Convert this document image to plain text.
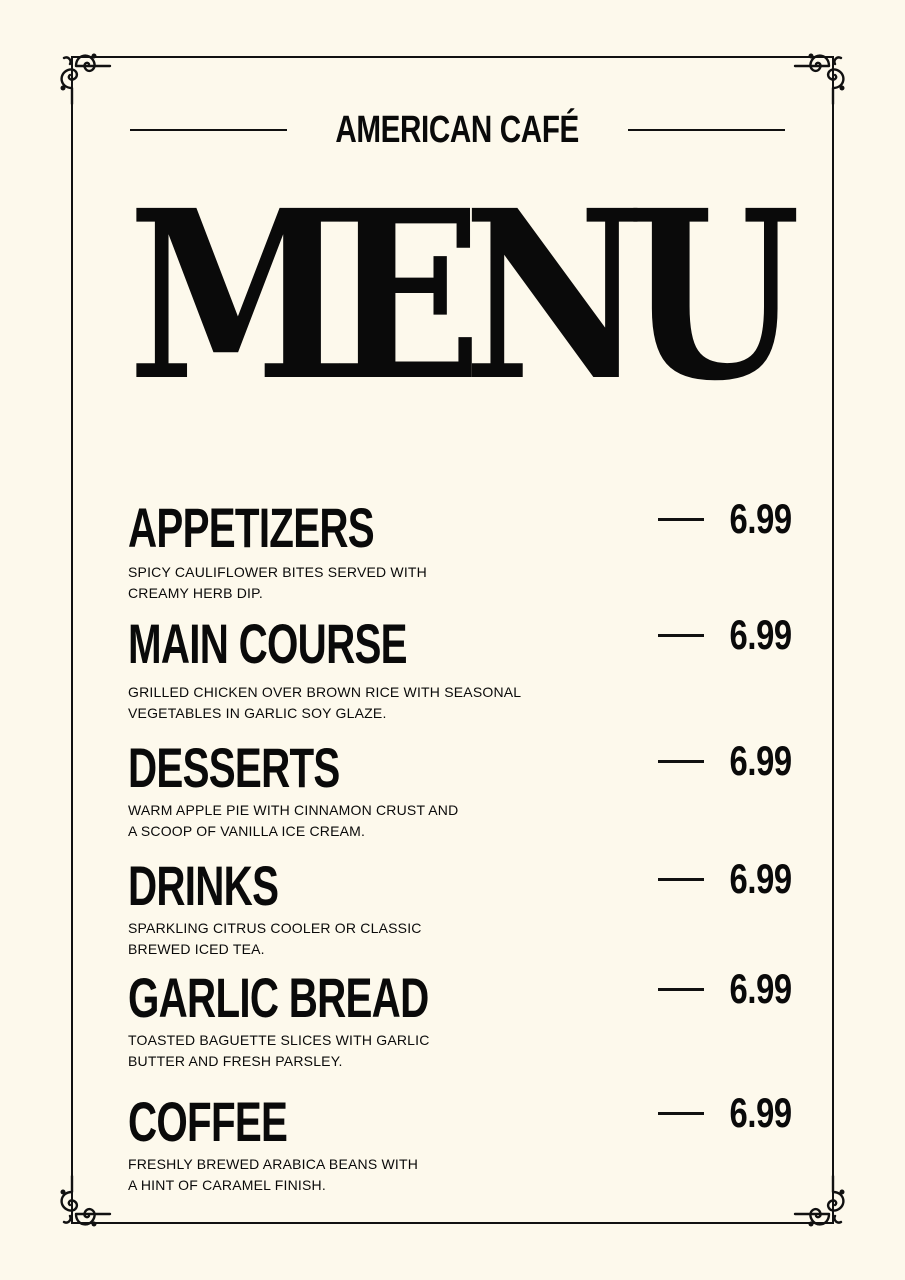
AMERICAN CAFÉ
MENU
APPETIZERS	6.99
SPICY CAULIFLOWER BITES SERVED WITH
CREAMY HERB DIP.
MAIN COURSE	6.99
GRILLED CHICKEN OVER BROWN RICE WITH SEASONAL
VEGETABLES IN GARLIC SOY GLAZE.
DESSERTS	6.99
WARM APPLE PIE WITH CINNAMON CRUST AND
A SCOOP OF VANILLA ICE CREAM.
DRINKS	6.99
SPARKLING CITRUS COOLER OR CLASSIC
BREWED ICED TEA.
GARLIC BREAD	6.99
TOASTED BAGUETTE SLICES WITH GARLIC
BUTTER AND FRESH PARSLEY.
COFFEE	6.99
FRESHLY BREWED ARABICA BEANS WITH
A HINT OF CARAMEL FINISH.
